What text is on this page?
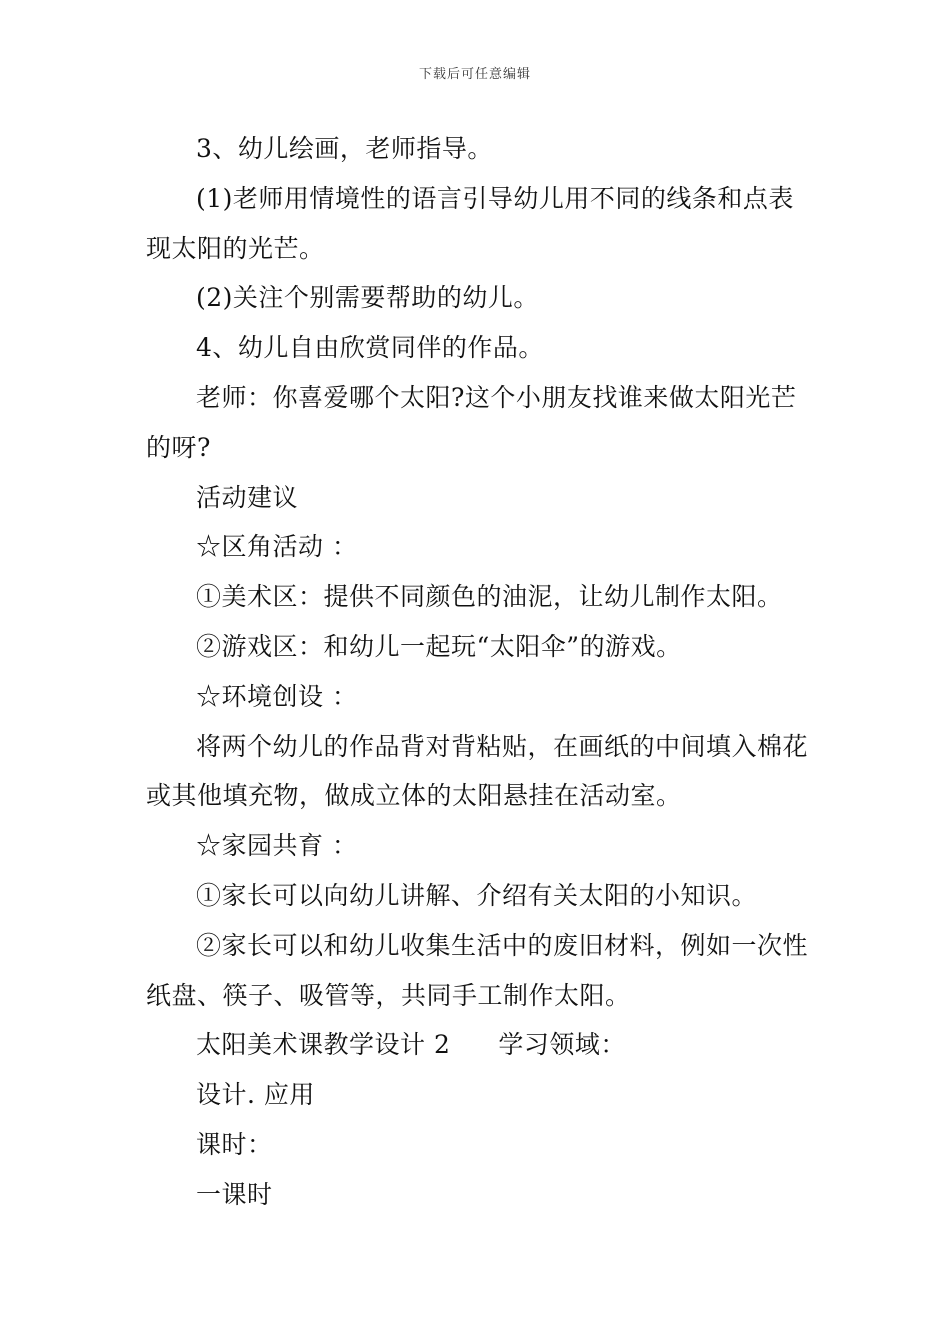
下载后可任意编辑

3、幼儿绘画，老师指导。

(1)老师用情境性的语言引导幼儿用不同的线条和点表现太阳的光芒。

(2)关注个别需要帮助的幼儿。

4、幼儿自由欣赏同伴的作品。

老师：你喜爱哪个太阳?这个小朋友找谁来做太阳光芒的呀?

活动建议

☆区角活动 ：

①美术区：提供不同颜色的油泥，让幼儿制作太阳。

②游戏区：和幼儿一起玩“太阳伞”的游戏。

☆环境创设 ：

将两个幼儿的作品背对背粘贴，在画纸的中间填入棉花或其他填充物，做成立体的太阳悬挂在活动室。

☆家园共育 ：

①家长可以向幼儿讲解、介绍有关太阳的小知识。

②家长可以和幼儿收集生活中的废旧材料，例如一次性纸盘、筷子、吸管等，共同手工制作太阳。

太阳美术课教学设计 2 学习领域：

设计. 应用

课时：

一课时
